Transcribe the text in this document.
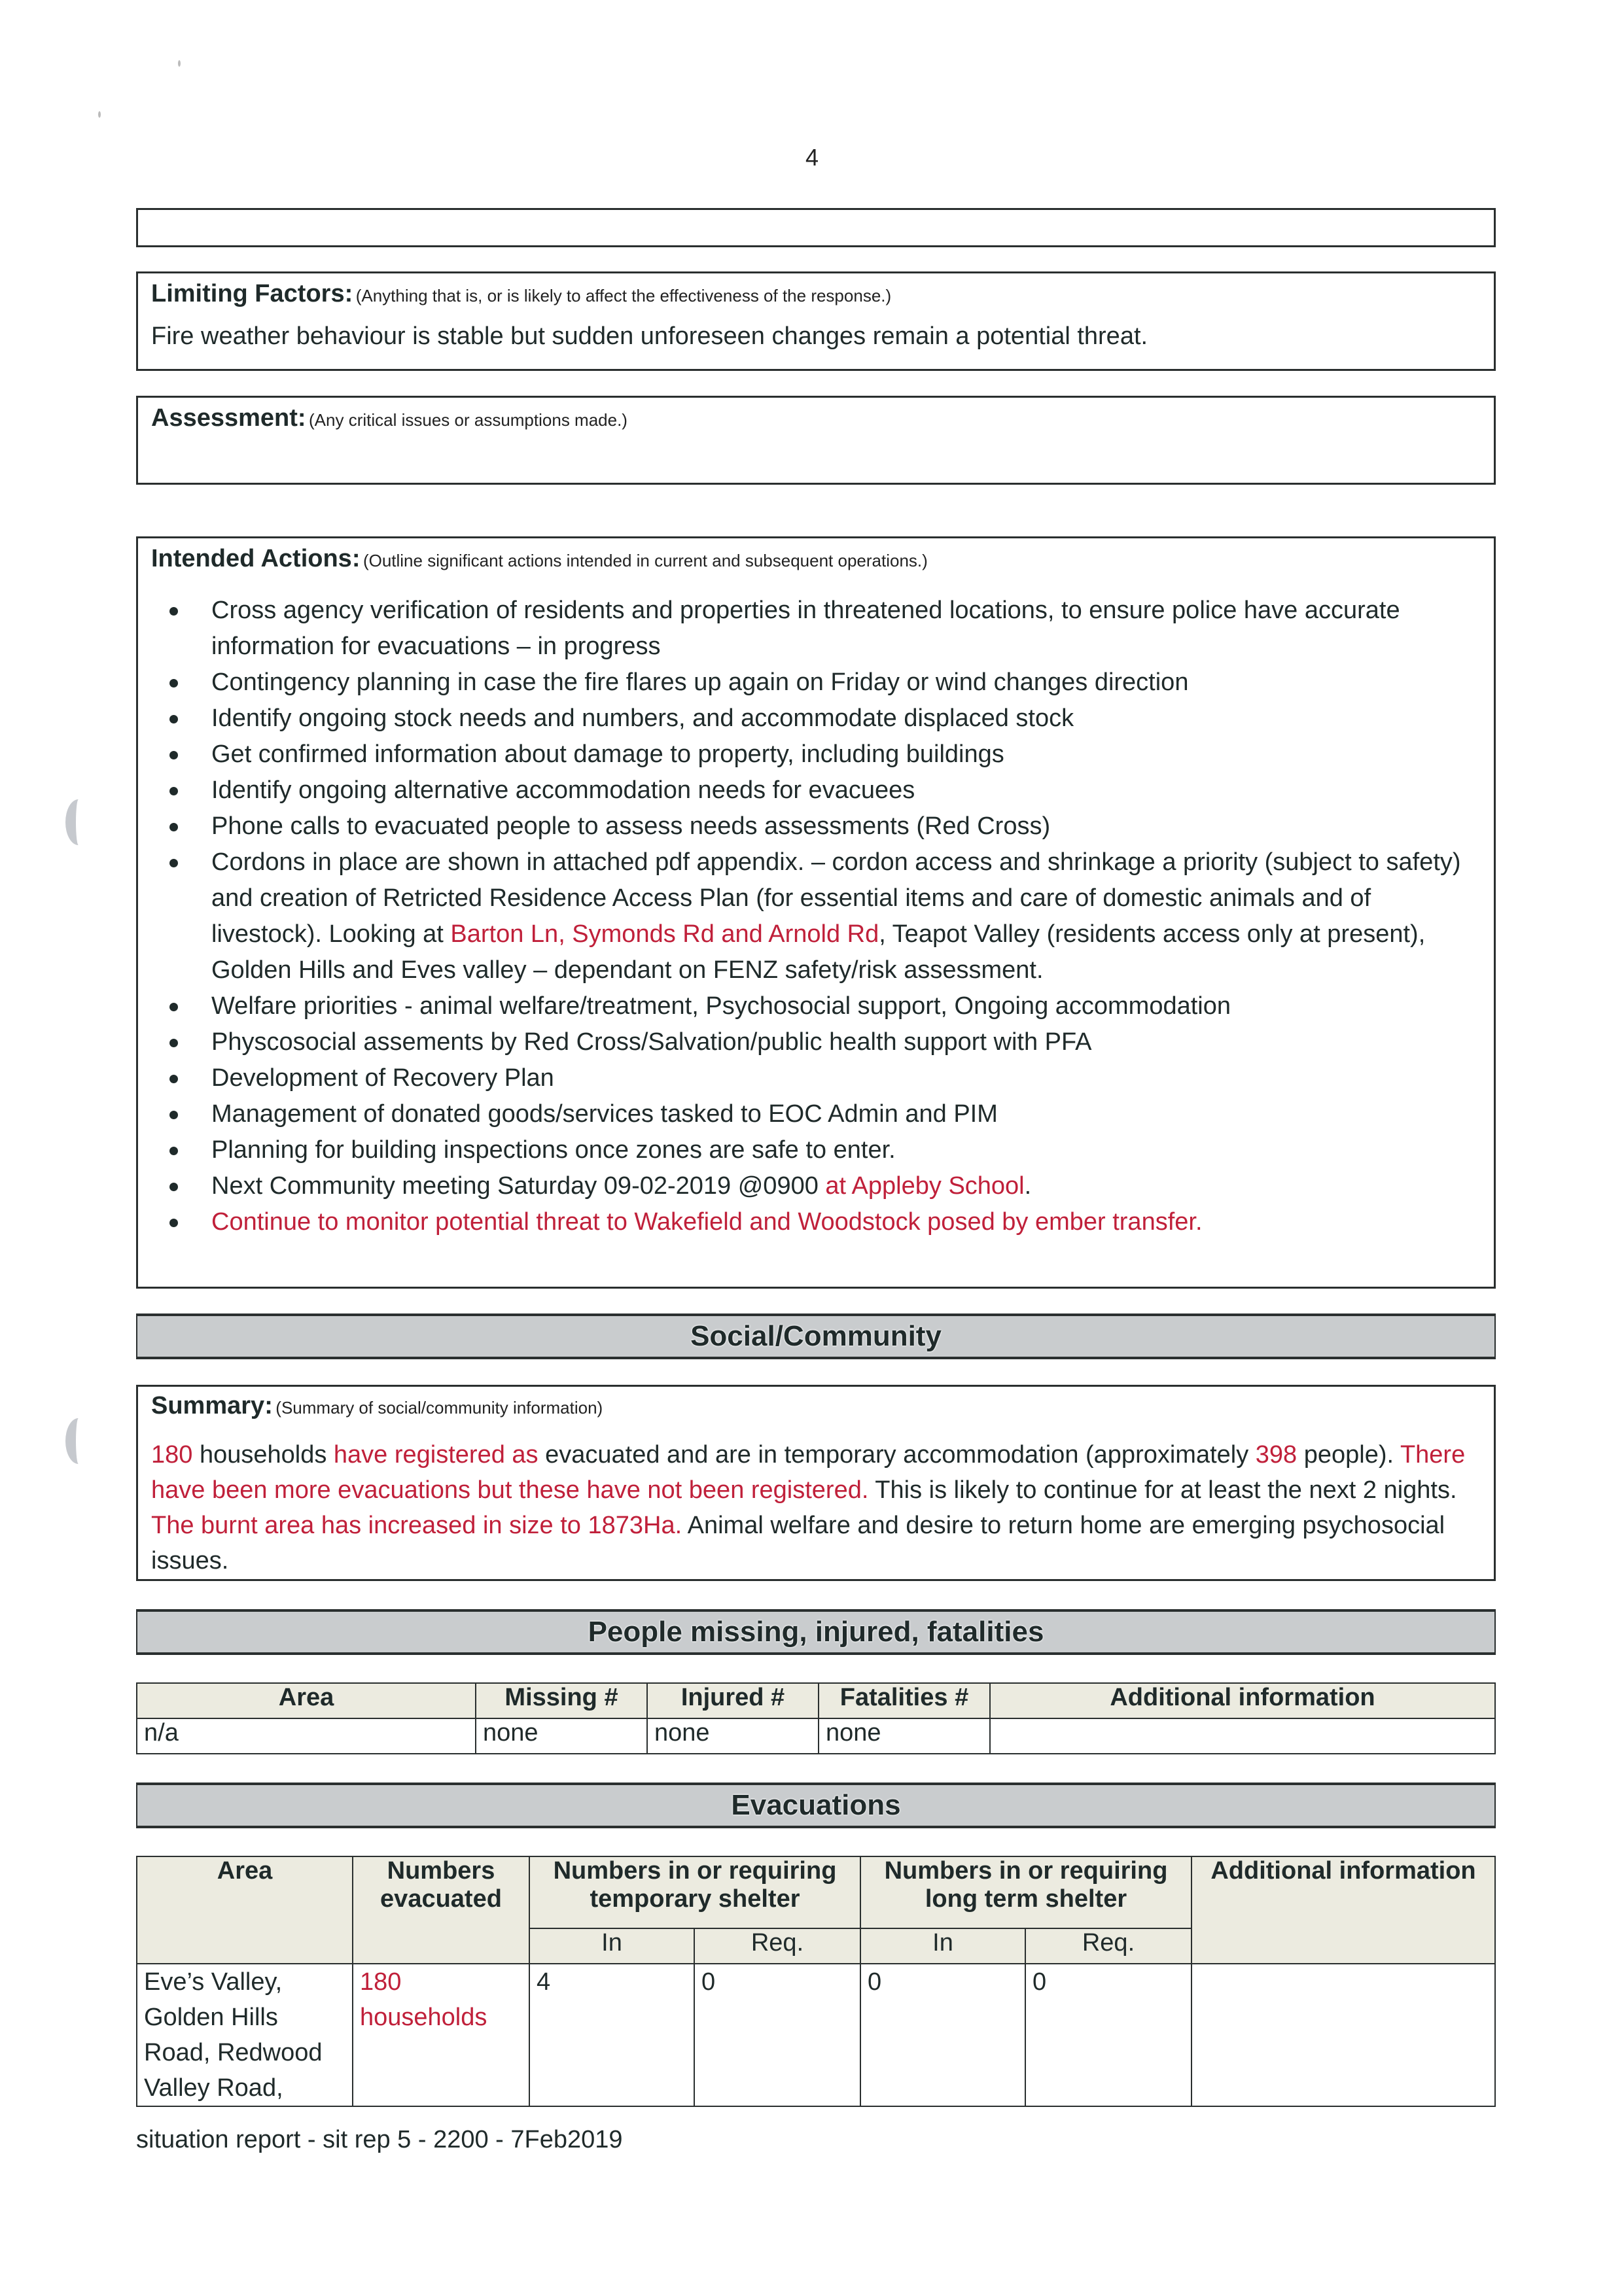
4
Limiting Factors: (Anything that is, or is likely to affect the effectiveness of the response.)
Fire weather behaviour is stable but sudden unforeseen changes remain a potential threat.
Assessment: (Any critical issues or assumptions made.)
Intended Actions: (Outline significant actions intended in current and subsequent operations.)
Cross agency verification of residents and properties in threatened locations, to ensure police have accurate information for evacuations – in progress
Contingency planning in case the fire flares up again on Friday or wind changes direction
Identify ongoing stock needs and numbers, and accommodate displaced stock
Get confirmed information about damage to property, including buildings
Identify ongoing alternative accommodation needs for evacuees
Phone calls to evacuated people to assess needs assessments (Red Cross)
Cordons in place are shown in attached pdf appendix. – cordon access and shrinkage a priority (subject to safety) and creation of Retricted Residence Access Plan (for essential items and care of domestic animals and of livestock). Looking at Barton Ln, Symonds Rd and Arnold Rd, Teapot Valley (residents access only at present), Golden Hills and Eves valley – dependant on FENZ safety/risk assessment.
Welfare priorities - animal welfare/treatment, Psychosocial support, Ongoing accommodation
Physcosocial assements by Red Cross/Salvation/public health support with PFA
Development of Recovery Plan
Management of donated goods/services tasked to EOC Admin and PIM
Planning for building inspections once zones are safe to enter.
Next Community meeting Saturday 09-02-2019 @0900 at Appleby School.
Continue to monitor potential threat to Wakefield and Woodstock posed by ember transfer.
Social/Community
Summary: (Summary of social/community information)
180 households have registered as evacuated and are in temporary accommodation (approximately 398 people). There have been more evacuations but these have not been registered. This is likely to continue for at least the next 2 nights. The burnt area has increased in size to 1873Ha. Animal welfare and desire to return home are emerging psychosocial issues.
People missing, injured, fatalities
Area	Missing #	Injured #	Fatalities #	Additional information
n/a	none	none	none	
Evacuations
Area	Numbers evacuated	Numbers in or requiring temporary shelter		Numbers in or requiring long term shelter		Additional information
		In	Req.	In	Req.	
Eve’s Valley, Golden Hills Road, Redwood Valley Road,	180 households	4	0	0	0	
situation report - sit rep 5 - 2200 - 7Feb2019
